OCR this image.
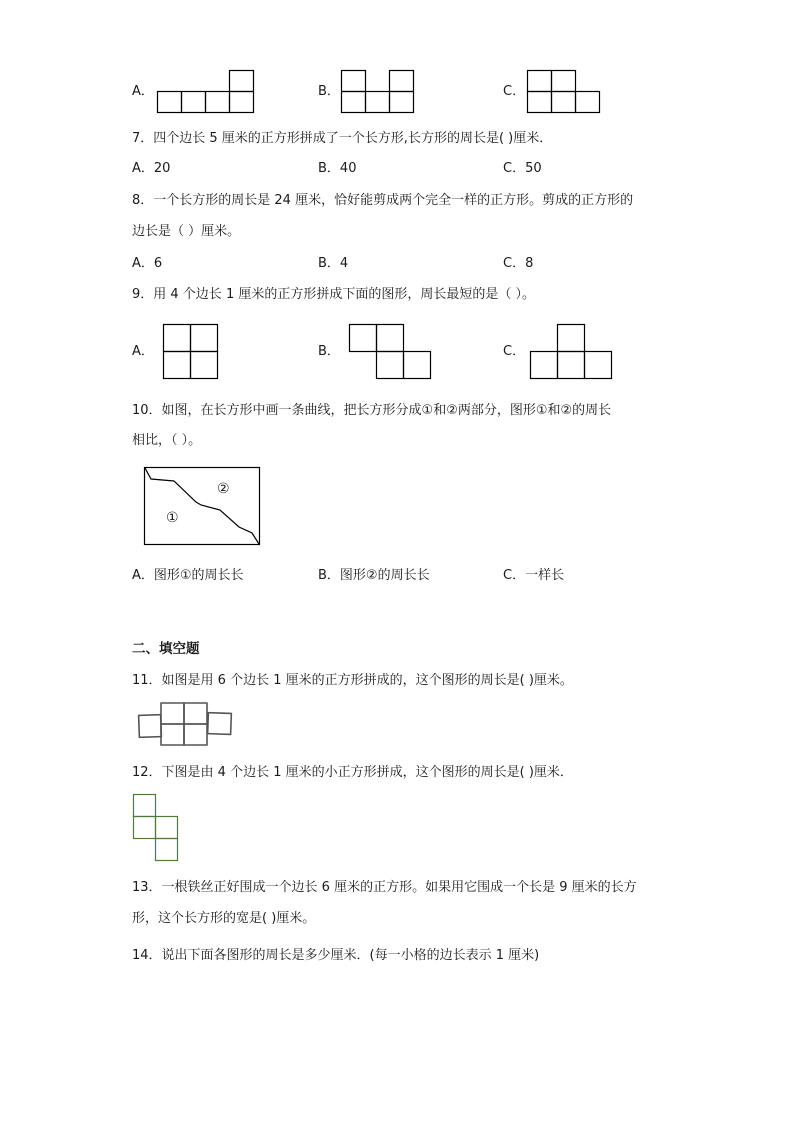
A．	B．	C．
7．四个边长 5 厘米的正方形拼成了一个长方形,长方形的周长是( )厘米．
A．20	B．40	C．50
8．一个长方形的周长是 24 厘米，恰好能剪成两个完全一样的正方形。剪成的正方形的
边长是（ ）厘米。
A．6	B．4	C．8
9．用 4 个边长 1 厘米的正方形拼成下面的图形，周长最短的是（ ）。
A．	B．	C．
10．如图，在长方形中画一条曲线，把长方形分成①和②两部分，图形①和②的周长
相比，（ ）。
②
①
A．图形①的周长长	B．图形②的周长长	C．一样长
二、填空题
11．如图是用 6 个边长 1 厘米的正方形拼成的，这个图形的周长是( )厘米。
12．下图是由 4 个边长 1 厘米的小正方形拼成，这个图形的周长是( )厘米．
13．一根铁丝正好围成一个边长 6 厘米的正方形。如果用它围成一个长是 9 厘米的长方
形，这个长方形的宽是( )厘米。
14．说出下面各图形的周长是多少厘米．(每一小格的边长表示 1 厘米)
